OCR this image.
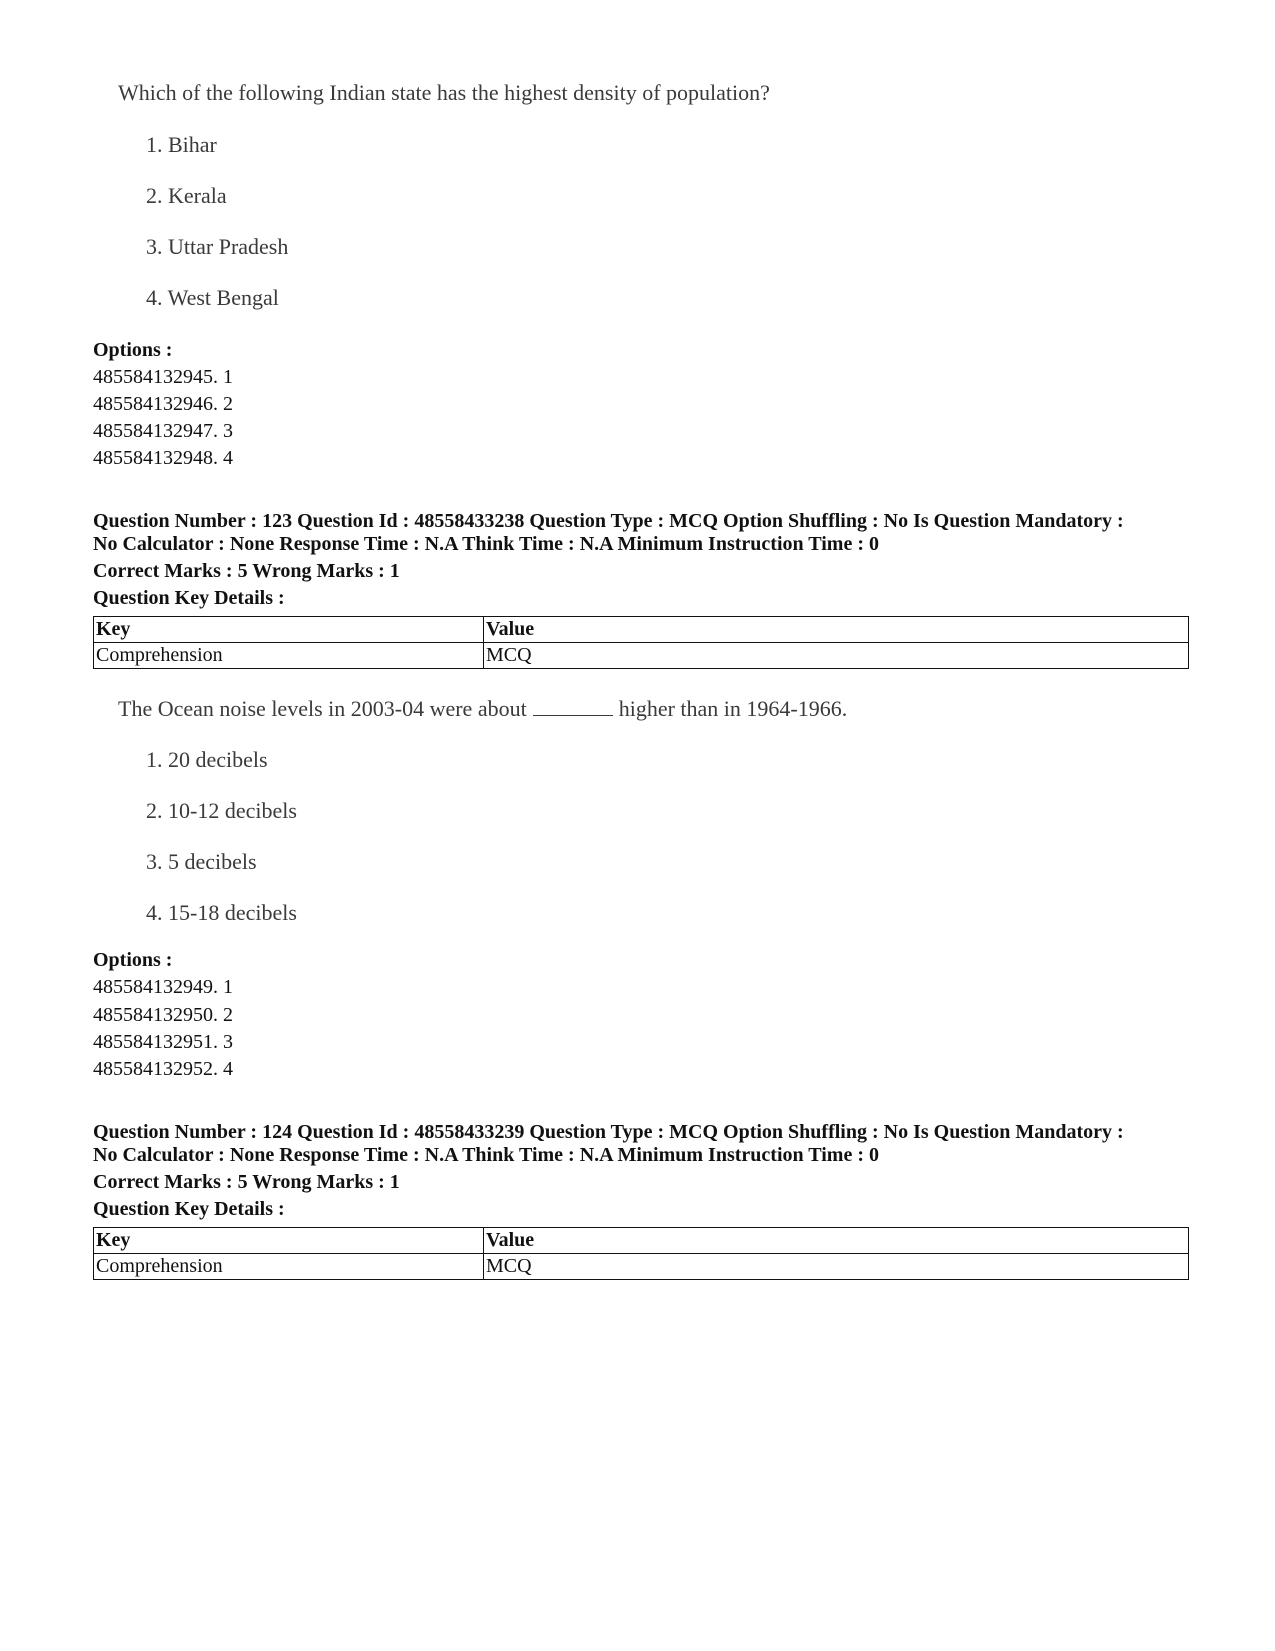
Which of the following Indian state has the highest density of population?
1. Bihar
2. Kerala
3. Uttar Pradesh
4. West Bengal
Options :
485584132945. 1
485584132946. 2
485584132947. 3
485584132948. 4
Question Number : 123 Question Id : 48558433238 Question Type : MCQ Option Shuffling : No Is Question Mandatory :
No Calculator : None Response Time : N.A Think Time : N.A Minimum Instruction Time : 0
Correct Marks : 5 Wrong Marks : 1
Question Key Details :
Key	Value
Comprehension	MCQ
The Ocean noise levels in 2003-04 were about	higher than in 1964-1966.
1. 20 decibels
2. 10-12 decibels
3. 5 decibels
4. 15-18 decibels
Options :
485584132949. 1
485584132950. 2
485584132951. 3
485584132952. 4
Question Number : 124 Question Id : 48558433239 Question Type : MCQ Option Shuffling : No Is Question Mandatory :
No Calculator : None Response Time : N.A Think Time : N.A Minimum Instruction Time : 0
Correct Marks : 5 Wrong Marks : 1
Question Key Details :
Key	Value
Comprehension	MCQ
